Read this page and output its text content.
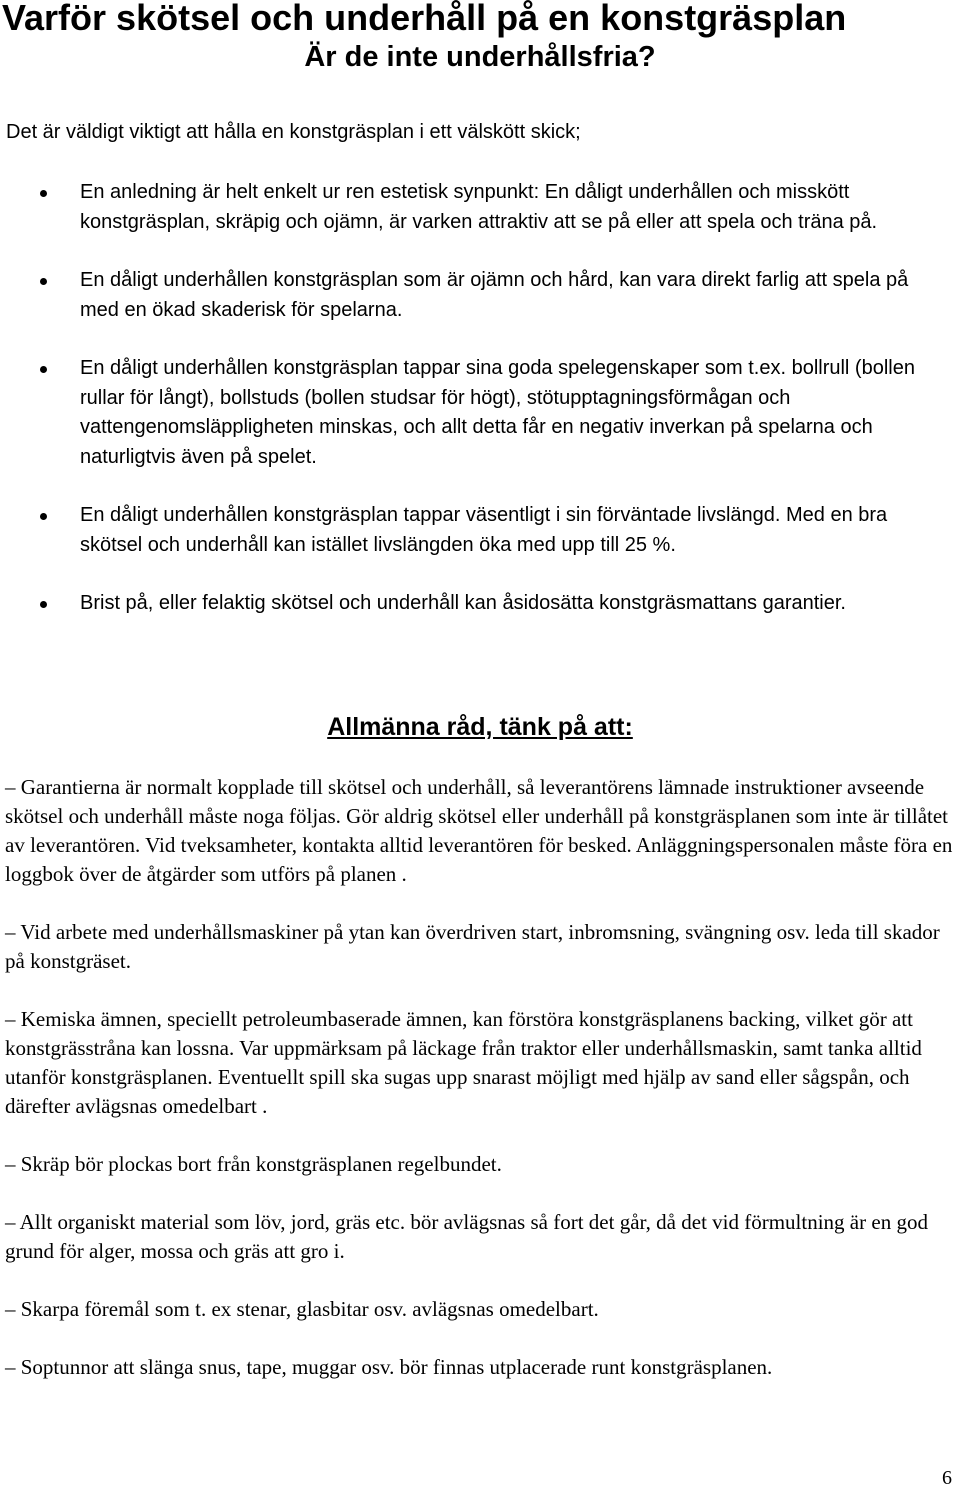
Varför skötsel och underhåll på en konstgräsplan
Är de inte underhållsfria?

Det är väldigt viktigt att hålla en konstgräsplan i ett välskött skick;

En anledning är helt enkelt ur ren estetisk synpunkt: En dåligt underhållen och misskött konstgräsplan, skräpig och ojämn, är varken attraktiv att se på eller att spela och träna på.
En dåligt underhållen konstgräsplan som är ojämn och hård, kan vara direkt farlig att spela på med en ökad skaderisk för spelarna.
En dåligt underhållen konstgräsplan tappar sina goda spelegenskaper som t.ex. bollrull (bollen rullar för långt), bollstuds (bollen studsar för högt), stötupptagningsförmågan och vattengenomsläppligheten minskas, och allt detta får en negativ inverkan på spelarna och naturligtvis även på spelet.
En dåligt underhållen konstgräsplan tappar väsentligt i sin förväntade livslängd. Med en bra skötsel och underhåll kan istället livslängden öka med upp till 25 %.
Brist på, eller felaktig skötsel och underhåll kan åsidosätta konstgräsmattans garantier.
Allmänna råd, tänk på att:

– Garantierna är normalt kopplade till skötsel och underhåll, så leverantörens lämnade instruktioner avseende skötsel och underhåll måste noga följas. Gör aldrig skötsel eller underhåll på konstgräsplanen som inte är tillåtet av leverantören. Vid tveksamheter, kontakta alltid leverantören för besked. Anläggningspersonalen måste föra en loggbok över de åtgärder som utförs på planen .

– Vid arbete med underhållsmaskiner på ytan kan överdriven start, inbromsning, svängning osv. leda till skador på konstgräset.

– Kemiska ämnen, speciellt petroleumbaserade ämnen, kan förstöra konstgräsplanens backing, vilket gör att konstgrässtråna kan lossna. Var uppmärksam på läckage från traktor eller underhållsmaskin, samt tanka alltid utanför konstgräsplanen. Eventuellt spill ska sugas upp snarast möjligt med hjälp av sand eller sågspån, och därefter avlägsnas omedelbart .

– Skräp bör plockas bort från konstgräsplanen regelbundet.

– Allt organiskt material som löv, jord, gräs etc. bör avlägsnas så fort det går, då det vid förmultning är en god grund för alger, mossa och gräs att gro i.

– Skarpa föremål som t. ex stenar, glasbitar osv. avlägsnas omedelbart.

– Soptunnor att slänga snus, tape, muggar osv. bör finnas utplacerade runt konstgräsplanen.

6
